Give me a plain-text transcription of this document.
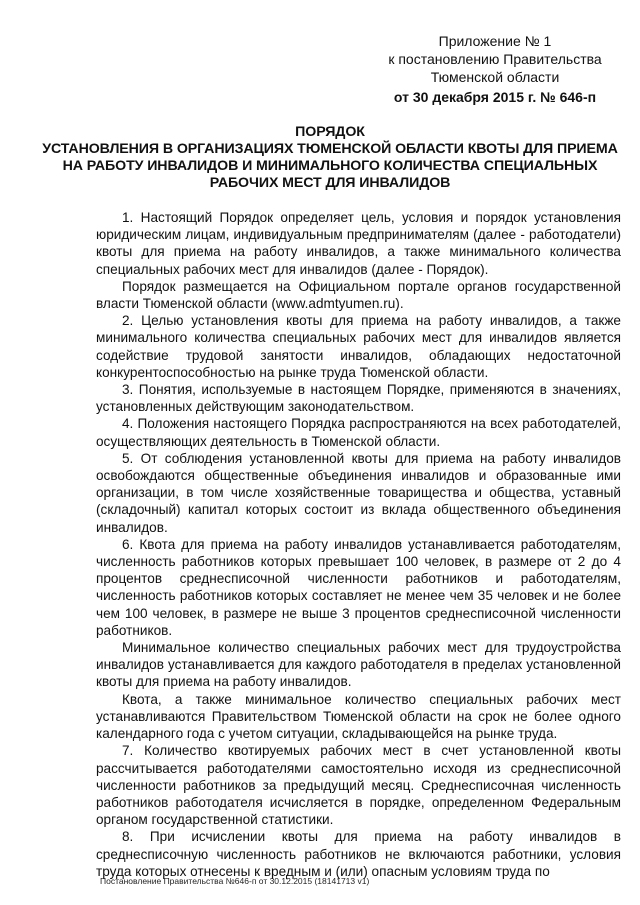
Приложение № 1
к постановлению Правительства
Тюменской области
от 30 декабря 2015 г. № 646-п
ПОРЯДОК
УСТАНОВЛЕНИЯ В ОРГАНИЗАЦИЯХ ТЮМЕНСКОЙ ОБЛАСТИ КВОТЫ ДЛЯ ПРИЕМА НА РАБОТУ ИНВАЛИДОВ И МИНИМАЛЬНОГО КОЛИЧЕСТВА СПЕЦИАЛЬНЫХ РАБОЧИХ МЕСТ ДЛЯ ИНВАЛИДОВ

1. Настоящий Порядок определяет цель, условия и порядок установления юридическим лицам, индивидуальным предпринимателям (далее - работодатели) квоты для приема на работу инвалидов, а также минимального количества специальных рабочих мест для инвалидов (далее - Порядок).

Порядок размещается на Официальном портале органов государственной власти Тюменской области (www.admtyumen.ru).

2. Целью установления квоты для приема на работу инвалидов, а также минимального количества специальных рабочих мест для инвалидов является содействие трудовой занятости инвалидов, обладающих недостаточной конкурентоспособностью на рынке труда Тюменской области.

3. Понятия, используемые в настоящем Порядке, применяются в значениях, установленных действующим законодательством.

4. Положения настоящего Порядка распространяются на всех работодателей, осуществляющих деятельность в Тюменской области.

5. От соблюдения установленной квоты для приема на работу инвалидов освобождаются общественные объединения инвалидов и образованные ими организации, в том числе хозяйственные товарищества и общества, уставный (складочный) капитал которых состоит из вклада общественного объединения инвалидов.

6. Квота для приема на работу инвалидов устанавливается работодателям, численность работников которых превышает 100 человек, в размере от 2 до 4 процентов среднесписочной численности работников и работодателям, численность работников которых составляет не менее чем 35 человек и не более чем 100 человек, в размере не выше 3 процентов среднесписочной численности работников.

Минимальное количество специальных рабочих мест для трудоустройства инвалидов устанавливается для каждого работодателя в пределах установленной квоты для приема на работу инвалидов.

Квота, а также минимальное количество специальных рабочих мест устанавливаются Правительством Тюменской области на срок не более одного календарного года с учетом ситуации, складывающейся на рынке труда.

7. Количество квотируемых рабочих мест в счет установленной квоты рассчитывается работодателями самостоятельно исходя из среднесписочной численности работников за предыдущий месяц. Среднесписочная численность работников работодателя исчисляется в порядке, определенном Федеральным органом государственной статистики.

8. При исчислении квоты для приема на работу инвалидов в среднесписочную численность работников не включаются работники, условия труда которых отнесены к вредным и (или) опасным условиям труда по

Постановление Правительства №646-п от 30.12.2015 (18141713 v1)
